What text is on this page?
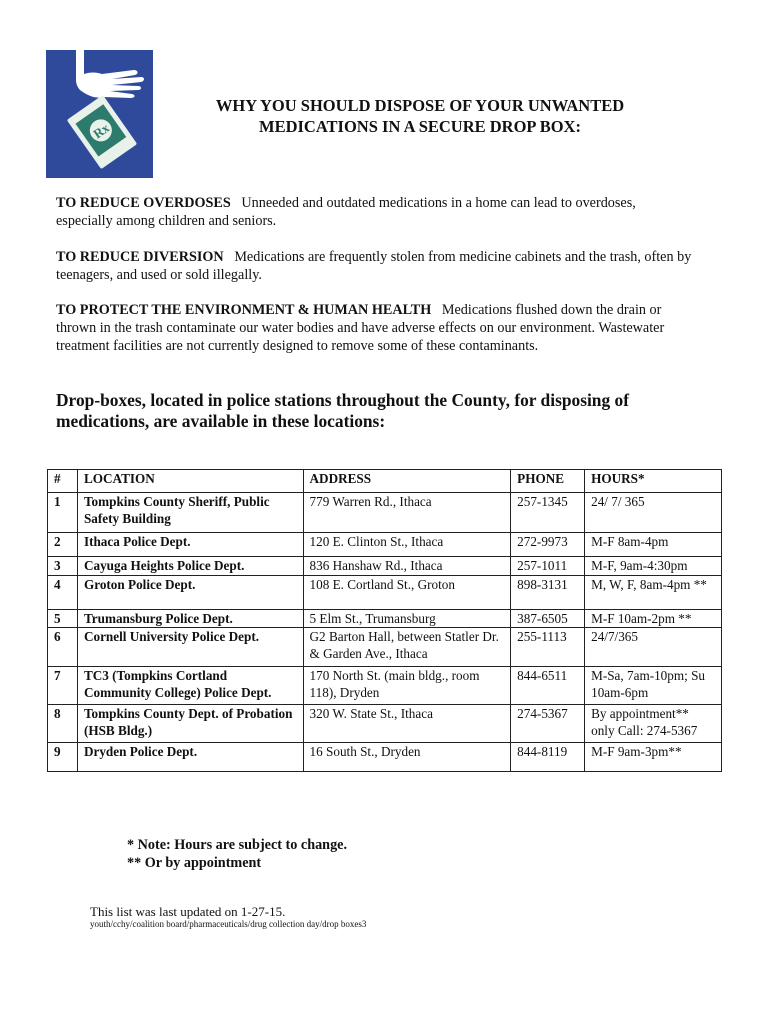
Rx
WHY YOU SHOULD DISPOSE OF YOUR UNWANTED
MEDICATIONS IN A SECURE DROP BOX:
TO REDUCE OVERDOSES Unneeded and outdated medications in a home can lead to overdoses, especially among children and seniors.
TO REDUCE DIVERSION Medications are frequently stolen from medicine cabinets and the trash, often by teenagers, and used or sold illegally.
TO PROTECT THE ENVIRONMENT & HUMAN HEALTH Medications flushed down the drain or thrown in the trash contaminate our water bodies and have adverse effects on our environment. Wastewater treatment facilities are not currently designed to remove some of these contaminants.
Drop-boxes, located in police stations throughout the County, for disposing of medications, are available in these locations:
#	LOCATION	ADDRESS	PHONE	HOURS*
1	Tompkins County Sheriff, Public Safety Building	779 Warren Rd., Ithaca	257-1345	24/ 7/ 365
2	Ithaca Police Dept.	120 E. Clinton St., Ithaca	272-9973	M-F 8am-4pm
3	Cayuga Heights Police Dept.	836 Hanshaw Rd., Ithaca	257-1011	M-F, 9am-4:30pm
4	Groton Police Dept.	108 E. Cortland St., Groton	898-3131	M, W, F, 8am-4pm **
5	Trumansburg Police Dept.	5 Elm St., Trumansburg	387-6505	M-F 10am-2pm **
6	Cornell University Police Dept.	G2 Barton Hall, between Statler Dr. & Garden Ave., Ithaca	255-1113	24/7/365
7	TC3 (Tompkins Cortland Community College) Police Dept.	170 North St. (main bldg., room 118), Dryden	844-6511	M-Sa, 7am-10pm; Su 10am-6pm
8	Tompkins County Dept. of Probation (HSB Bldg.)	320 W. State St., Ithaca	274-5367	By appointment** only Call: 274-5367
9	Dryden Police Dept.	16 South St., Dryden	844-8119	M-F 9am-3pm**
* Note: Hours are subject to change.
** Or by appointment
This list was last updated on 1-27-15.
youth/cchy/coalition board/pharmaceuticals/drug collection day/drop boxes3
